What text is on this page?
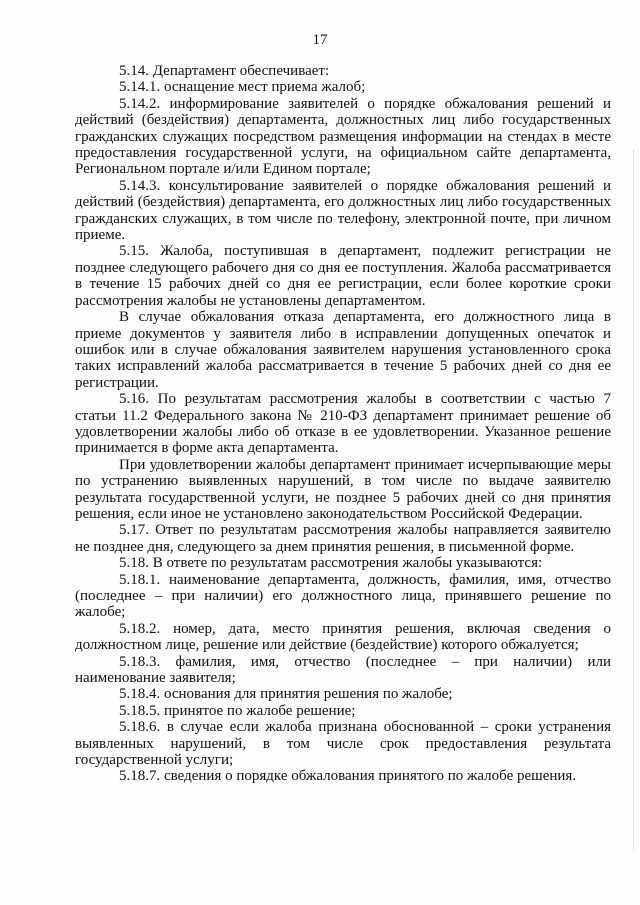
17

5.14. Департамент обеспечивает:

5.14.1. оснащение мест приема жалоб;

5.14.2. информирование заявителей о порядке обжалования решений и действий (бездействия) департамента, должностных лиц либо государственных гражданских служащих посредством размещения информации на стендах в месте предоставления государственной услуги, на официальном сайте департамента, Региональном портале и/или Едином портале;

5.14.3. консультирование заявителей о порядке обжалования решений и действий (бездействия) департамента, его должностных лиц либо государственных гражданских служащих, в том числе по телефону, электронной почте, при личном приеме.

5.15. Жалоба, поступившая в департамент, подлежит регистрации не позднее следующего рабочего дня со дня ее поступления. Жалоба рассматривается в течение 15 рабочих дней со дня ее регистрации, если более короткие сроки рассмотрения жалобы не установлены департаментом.

В случае обжалования отказа департамента, его должностного лица в приеме документов у заявителя либо в исправлении допущенных опечаток и ошибок или в случае обжалования заявителем нарушения установленного срока таких исправлений жалоба рассматривается в течение 5 рабочих дней со дня ее регистрации.

5.16. По результатам рассмотрения жалобы в соответствии с частью 7 статьи 11.2 Федерального закона № 210-ФЗ департамент принимает решение об удовлетворении жалобы либо об отказе в ее удовлетворении. Указанное решение принимается в форме акта департамента.

При удовлетворении жалобы департамент принимает исчерпывающие меры по устранению выявленных нарушений, в том числе по выдаче заявителю результата государственной услуги, не позднее 5 рабочих дней со дня принятия решения, если иное не установлено законодательством Российской Федерации.

5.17. Ответ по результатам рассмотрения жалобы направляется заявителю не позднее дня, следующего за днем принятия решения, в письменной форме.

5.18. В ответе по результатам рассмотрения жалобы указываются:

5.18.1. наименование департамента, должность, фамилия, имя, отчество (последнее – при наличии) его должностного лица, принявшего решение по жалобе;

5.18.2. номер, дата, место принятия решения, включая сведения о должностном лице, решение или действие (бездействие) которого обжалуется;

5.18.3. фамилия, имя, отчество (последнее – при наличии) или наименование заявителя;

5.18.4. основания для принятия решения по жалобе;

5.18.5. принятое по жалобе решение;

5.18.6. в случае если жалоба признана обоснованной – сроки устранения выявленных нарушений, в том числе срок предоставления результата государственной услуги;

5.18.7. сведения о порядке обжалования принятого по жалобе решения.
